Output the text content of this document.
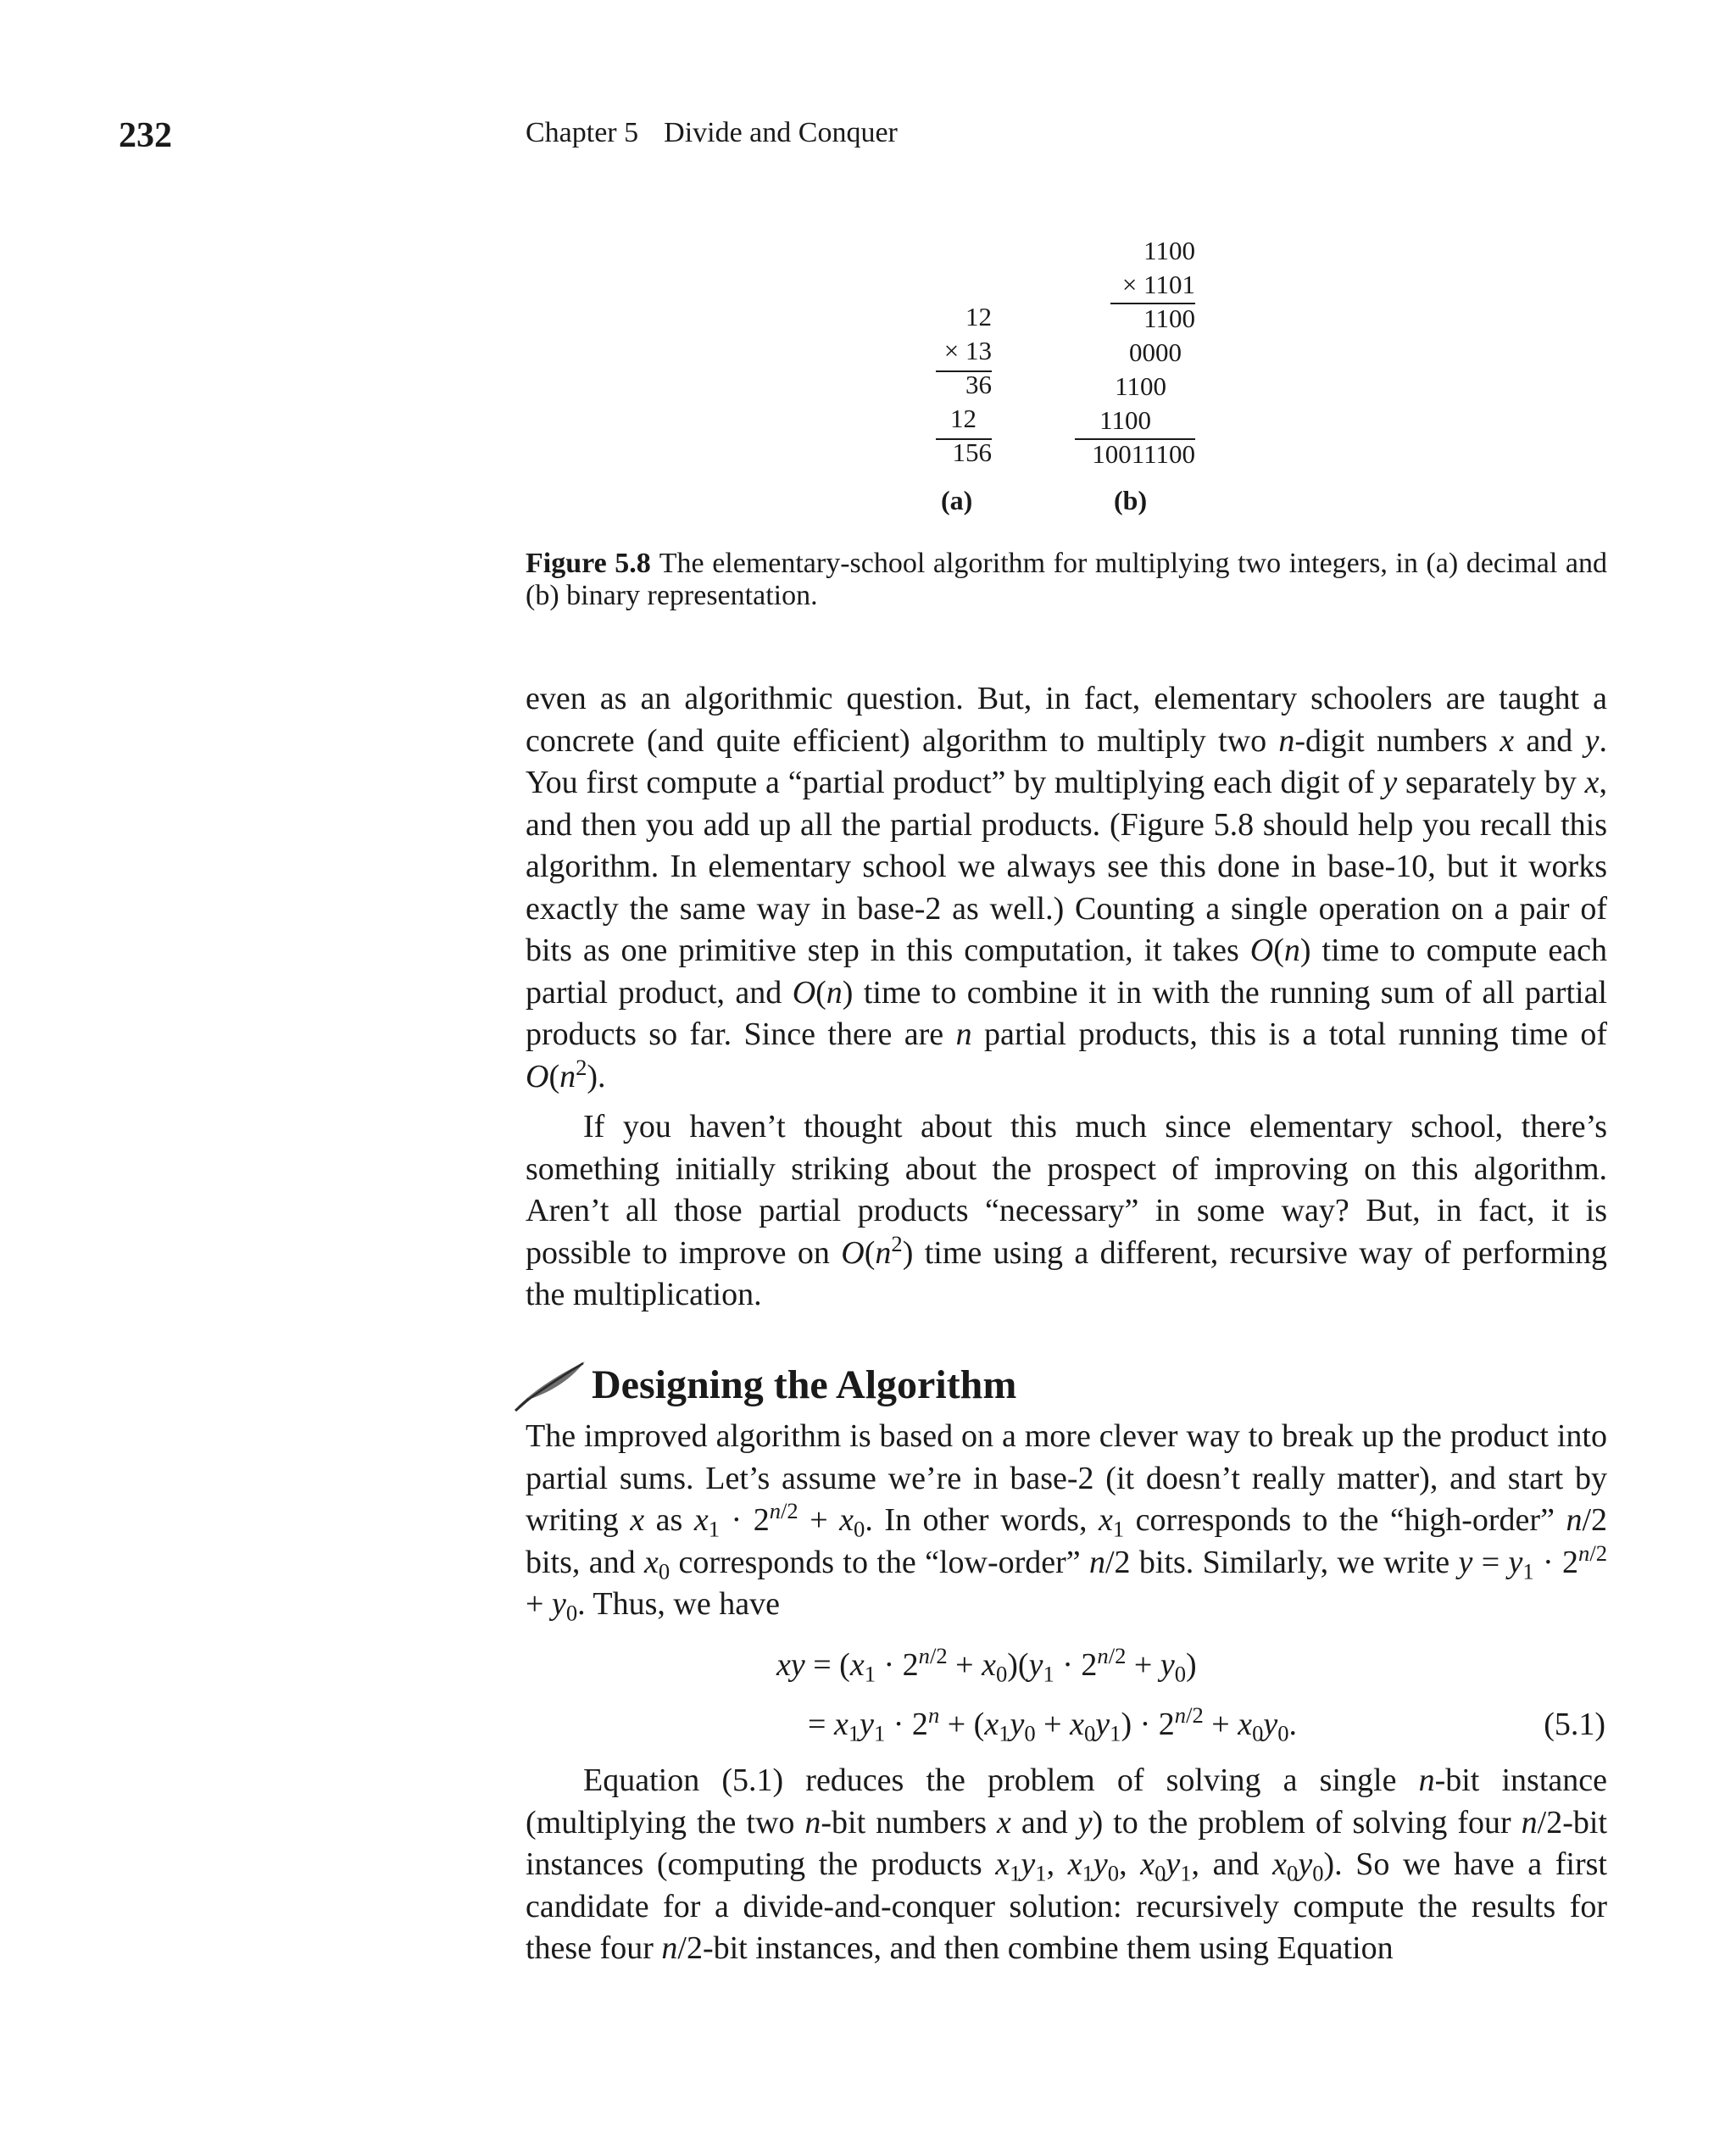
232	Chapter 5 Divide and Conquer
12
× 13
36
12
156
1100
× 1101
1100
0000
1100
1100
10011100
(a)	(b)
Figure 5.8 The elementary-school algorithm for multiplying two integers, in (a) decimal and (b) binary representation.

even as an algorithmic question. But, in fact, elementary schoolers are taught a concrete (and quite efficient) algorithm to multiply two n-digit numbers x and y. You first compute a “partial product” by multiplying each digit of y separately by x, and then you add up all the partial products. (Figure 5.8 should help you recall this algorithm. In elementary school we always see this done in base-10, but it works exactly the same way in base-2 as well.) Counting a single operation on a pair of bits as one primitive step in this computation, it takes O(n) time to compute each partial product, and O(n) time to combine it in with the running sum of all partial products so far. Since there are n partial products, this is a total running time of $O(n^2)$.

If you haven’t thought about this much since elementary school, there’s something initially striking about the prospect of improving on this algorithm. Aren’t all those partial products “necessary” in some way? But, in fact, it is possible to improve on $O(n^2)$ time using a different, recursive way of performing the multiplication.

Designing the Algorithm

The improved algorithm is based on a more clever way to break up the product into partial sums. Let’s assume we’re in base-2 (it doesn’t really matter), and start by writing x as $x_1 \cdot 2^{n/2} + x_0$. In other words, $x_1$ corresponds to the “high-order” n/2 bits, and $x_0$ corresponds to the “low-order” n/2 bits. Similarly, we write $y = y_1 \cdot 2^{n/2} + y_0$. Thus, we have

xy = $(x_1 \cdot 2^{n/2} + x_0)(y_1 \cdot 2^{n/2} + y_0)$
= $x_1y_1 \cdot 2^n + (x_1y_0 + x_0y_1) \cdot 2^{n/2} + x_0y_0$.	(5.1)

Equation (5.1) reduces the problem of solving a single n-bit instance (multiplying the two n-bit numbers x and y) to the problem of solving four n/2-bit instances (computing the products $x_1y_1$, $x_1y_0$, $x_0y_1$, and $x_0y_0$). So we have a first candidate for a divide-and-conquer solution: recursively compute the results for these four n/2-bit instances, and then combine them using Equation
